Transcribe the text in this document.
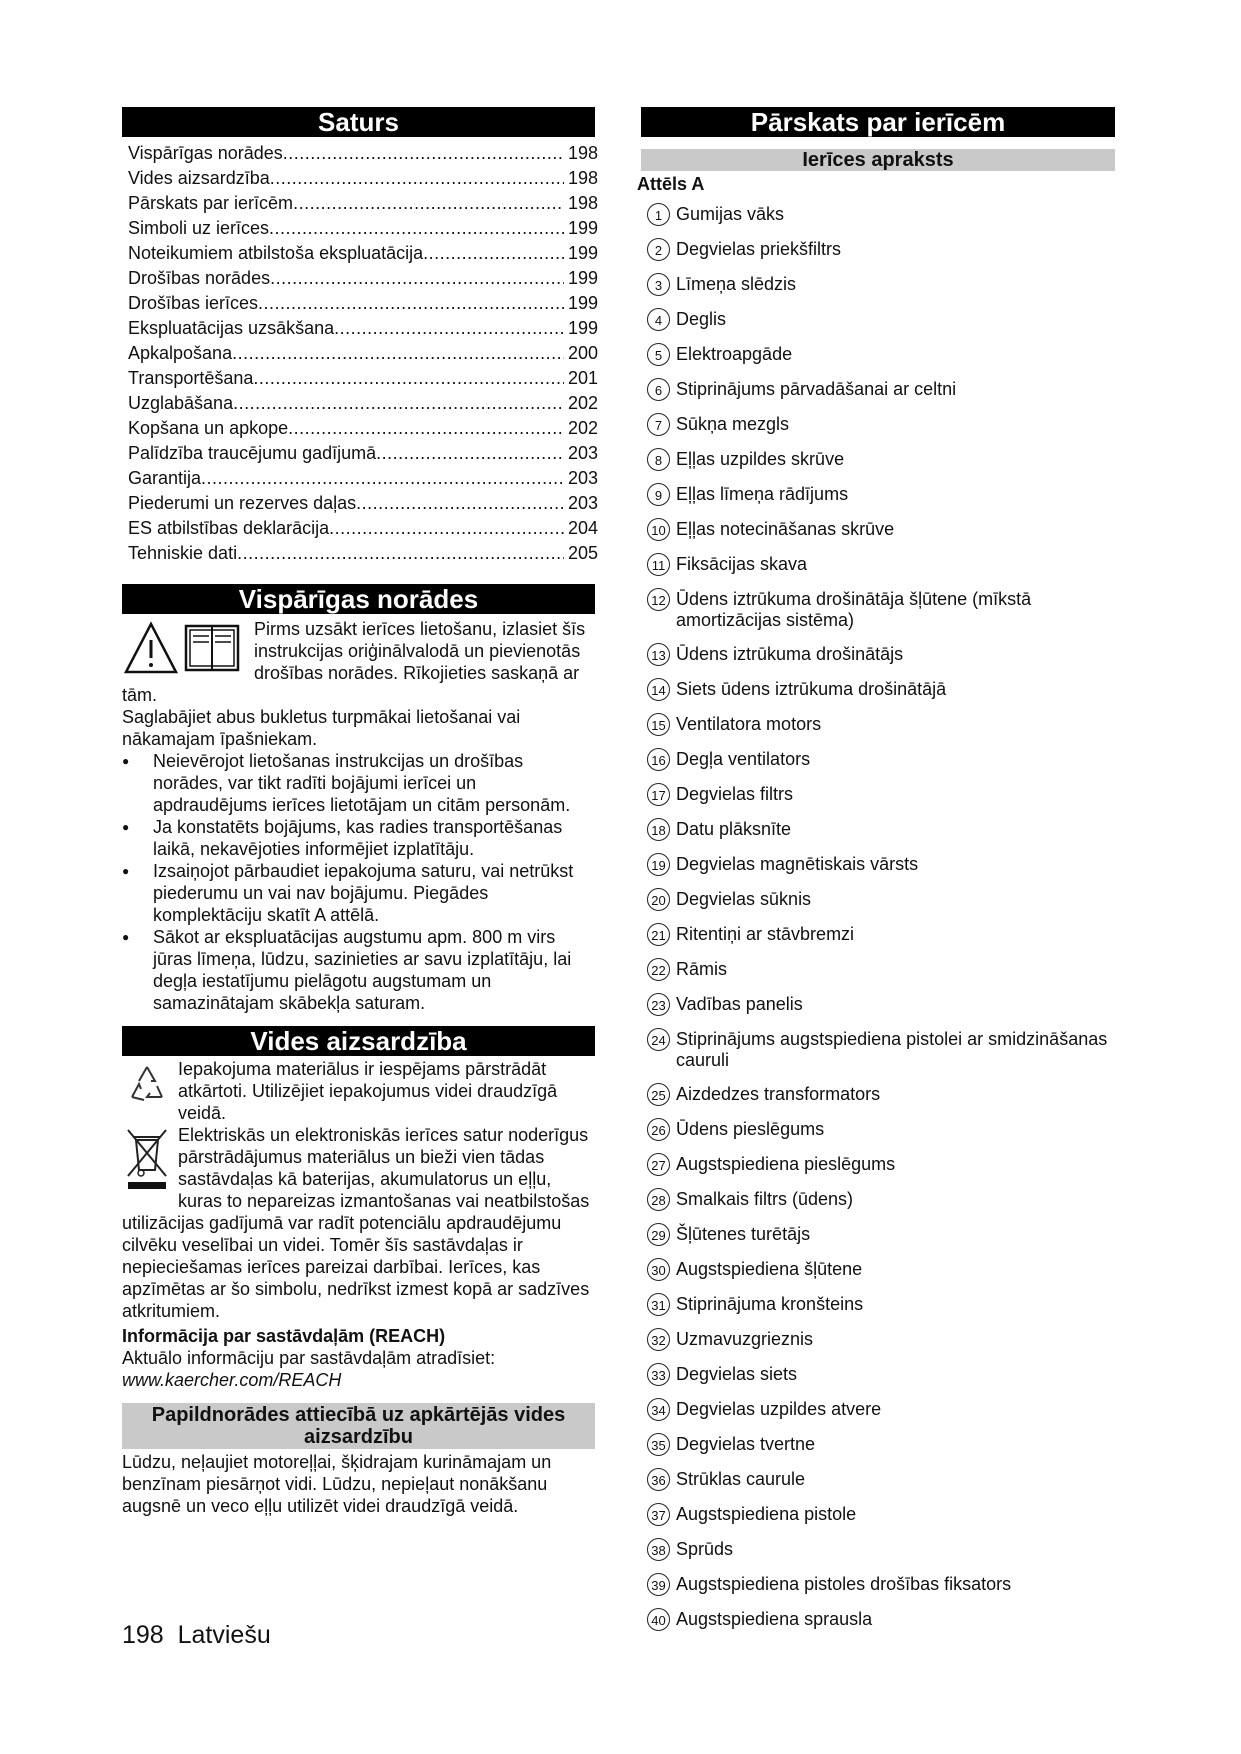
Saturs
Vispārīgas norādes .....	198
Vides aizsardzība .....	198
Pārskats par ierīcēm .....	198
Simboli uz ierīces .....	199
Noteikumiem atbilstoša ekspluatācija .....	199
Drošības norādes .....	199
Drošības ierīces .....	199
Ekspluatācijas uzsākšana .....	199
Apkalpošana .....	200
Transportēšana .....	201
Uzglabāšana .....	202
Kopšana un apkope .....	202
Palīdzība traucējumu gadījumā .....	203
Garantija .....	203
Piederumi un rezerves daļas .....	203
ES atbilstības deklarācija .....	204
Tehniskie dati .....	205
Vispārīgas norādes

Pirms uzsākt ierīces lietošanu, izlasiet šīs instrukcijas oriģinālvalodā un pievienotās drošības norādes. Rīkojieties saskaņā ar tām.

Saglabājiet abus bukletus turpmākai lietošanai vai nākamajam īpašniekam.

● Neievērojot lietošanas instrukcijas un drošības norādes, var tikt radīti bojājumi ierīcei un apdraudējums ierīces lietotājam un citām personām.
● Ja konstatēts bojājums, kas radies transportēšanas laikā, nekavējoties informējiet izplatītāju.
● Izsaiņojot pārbaudiet iepakojuma saturu, vai netrūkst piederumu un vai nav bojājumu. Piegādes komplektāciju skatīt A attēlā.
● Sākot ar ekspluatācijas augstumu apm. 800 m virs jūras līmeņa, lūdzu, sazinieties ar savu izplatītāju, lai degļa iestatījumu pielāgotu augstumam un samazinātajam skābekļa saturam.
Vides aizsardzība

Iepakojuma materiālus ir iespējams pārstrādāt atkārtoti. Utilizējiet iepakojumus videi draudzīgā veidā.

Elektriskās un elektroniskās ierīces satur noderīgus pārstrādājumus materiālus un bieži vien tādas sastāvdaļas kā baterijas, akumulatorus un eļļu, kuras to nepareizas izmantošanas vai neatbilstošas utilizācijas gadījumā var radīt potenciālu apdraudējumu cilvēku veselībai un videi. Tomēr šīs sastāvdaļas ir nepieciešamas ierīces pareizai darbībai. Ierīces, kas apzīmētas ar šo simbolu, nedrīkst izmest kopā ar sadzīves atkritumiem.

Informācija par sastāvdaļām (REACH)

Aktuālo informāciju par sastāvdaļām atradīsiet:

www.kaercher.com/REACH

Papildnorādes attiecībā uz apkārtējās vides aizsardzību

Lūdzu, neļaujiet motoreļļai, šķidrajam kurināmajam un benzīnam piesārņot vidi. Lūdzu, nepieļaut nonākšanu augsnē un veco eļļu utilizēt videi draudzīgā veidā.

Pārskats par ierīcēm
Ierīces apraksts
Attēls A
1 Gumijas vāks
2 Degvielas priekšfiltrs
3 Līmeņa slēdzis
4 Deglis
5 Elektroapgāde
6 Stiprinājums pārvadāšanai ar celtni
7 Sūkņa mezgls
8 Eļļas uzpildes skrūve
9 Eļļas līmeņa rādījums
10 Eļļas notecināšanas skrūve
11 Fiksācijas skava
12 Ūdens iztrūkuma drošinātāja šļūtene (mīkstā amortizācijas sistēma)
13 Ūdens iztrūkuma drošinātājs
14 Siets ūdens iztrūkuma drošinātājā
15 Ventilatora motors
16 Degļa ventilators
17 Degvielas filtrs
18 Datu plāksnīte
19 Degvielas magnētiskais vārsts
20 Degvielas sūknis
21 Ritentiņi ar stāvbremzi
22 Rāmis
23 Vadības panelis
24 Stiprinājums augstspiediena pistolei ar smidzināšanas cauruli
25 Aizdedzes transformators
26 Ūdens pieslēgums
27 Augstspiediena pieslēgums
28 Smalkais filtrs (ūdens)
29 Šļūtenes turētājs
30 Augstspiediena šļūtene
31 Stiprinājuma kronšteins
32 Uzmavuzgrieznis
33 Degvielas siets
34 Degvielas uzpildes atvere
35 Degvielas tvertne
36 Strūklas caurule
37 Augstspiediena pistole
38 Sprūds
39 Augstspiediena pistoles drošības fiksators
40 Augstspiediena sprausla
198 Latviešu
